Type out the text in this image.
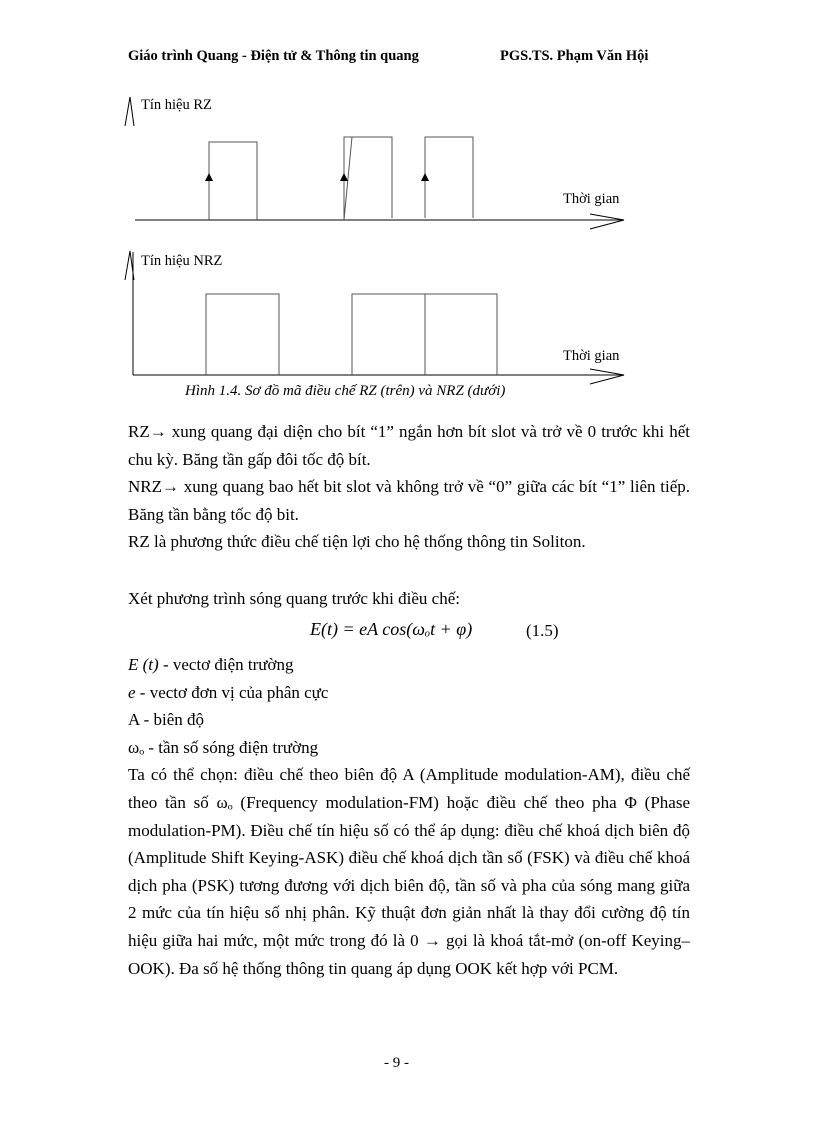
Giáo trình Quang - Điện tử & Thông tin quang	PGS.TS. Phạm Văn Hội
Tín hiệu RZ
Tín hiệu NRZ
Thời gian
Thời gian
Hình 1.4. Sơ đồ mã điều chế RZ (trên) và NRZ (dưới)

RZ→ xung quang đại diện cho bít “1” ngắn hơn bít slot và trở về 0 trước khi hết chu kỳ. Băng tần gấp đôi tốc độ bít.

NRZ→ xung quang bao hết bit slot và không trở về “0” giữa các bít “1” liên tiếp. Băng tần bằng tốc độ bit.

RZ là phương thức điều chế tiện lợi cho hệ thống thông tin Soliton.

Xét phương trình sóng quang trước khi điều chế:

E(t) = eA cos(ωₒt + φ)	(1.5)

E (t) - vectơ điện trường

e - vectơ đơn vị của phân cực

A - biên độ

ωₒ - tần số sóng điện trường

Ta có thể chọn: điều chế theo biên độ A (Amplitude modulation-AM), điều chế theo tần số ωₒ (Frequency modulation-FM) hoặc điều chế theo pha Φ (Phase modulation-PM). Điều chế tín hiệu số có thể áp dụng: điều chế khoá dịch biên độ (Amplitude Shift Keying-ASK) điều chế khoá dịch tần số (FSK) và điều chế khoá dịch pha (PSK) tương đương với dịch biên độ, tần số và pha của sóng mang giữa 2 mức của tín hiệu số nhị phân. Kỹ thuật đơn giản nhất là thay đổi cường độ tín hiệu giữa hai mức, một mức trong đó là 0 → gọi là khoá tắt-mở (on-off Keying–OOK). Đa số hệ thống thông tin quang áp dụng OOK kết hợp với PCM.

- 9 -
